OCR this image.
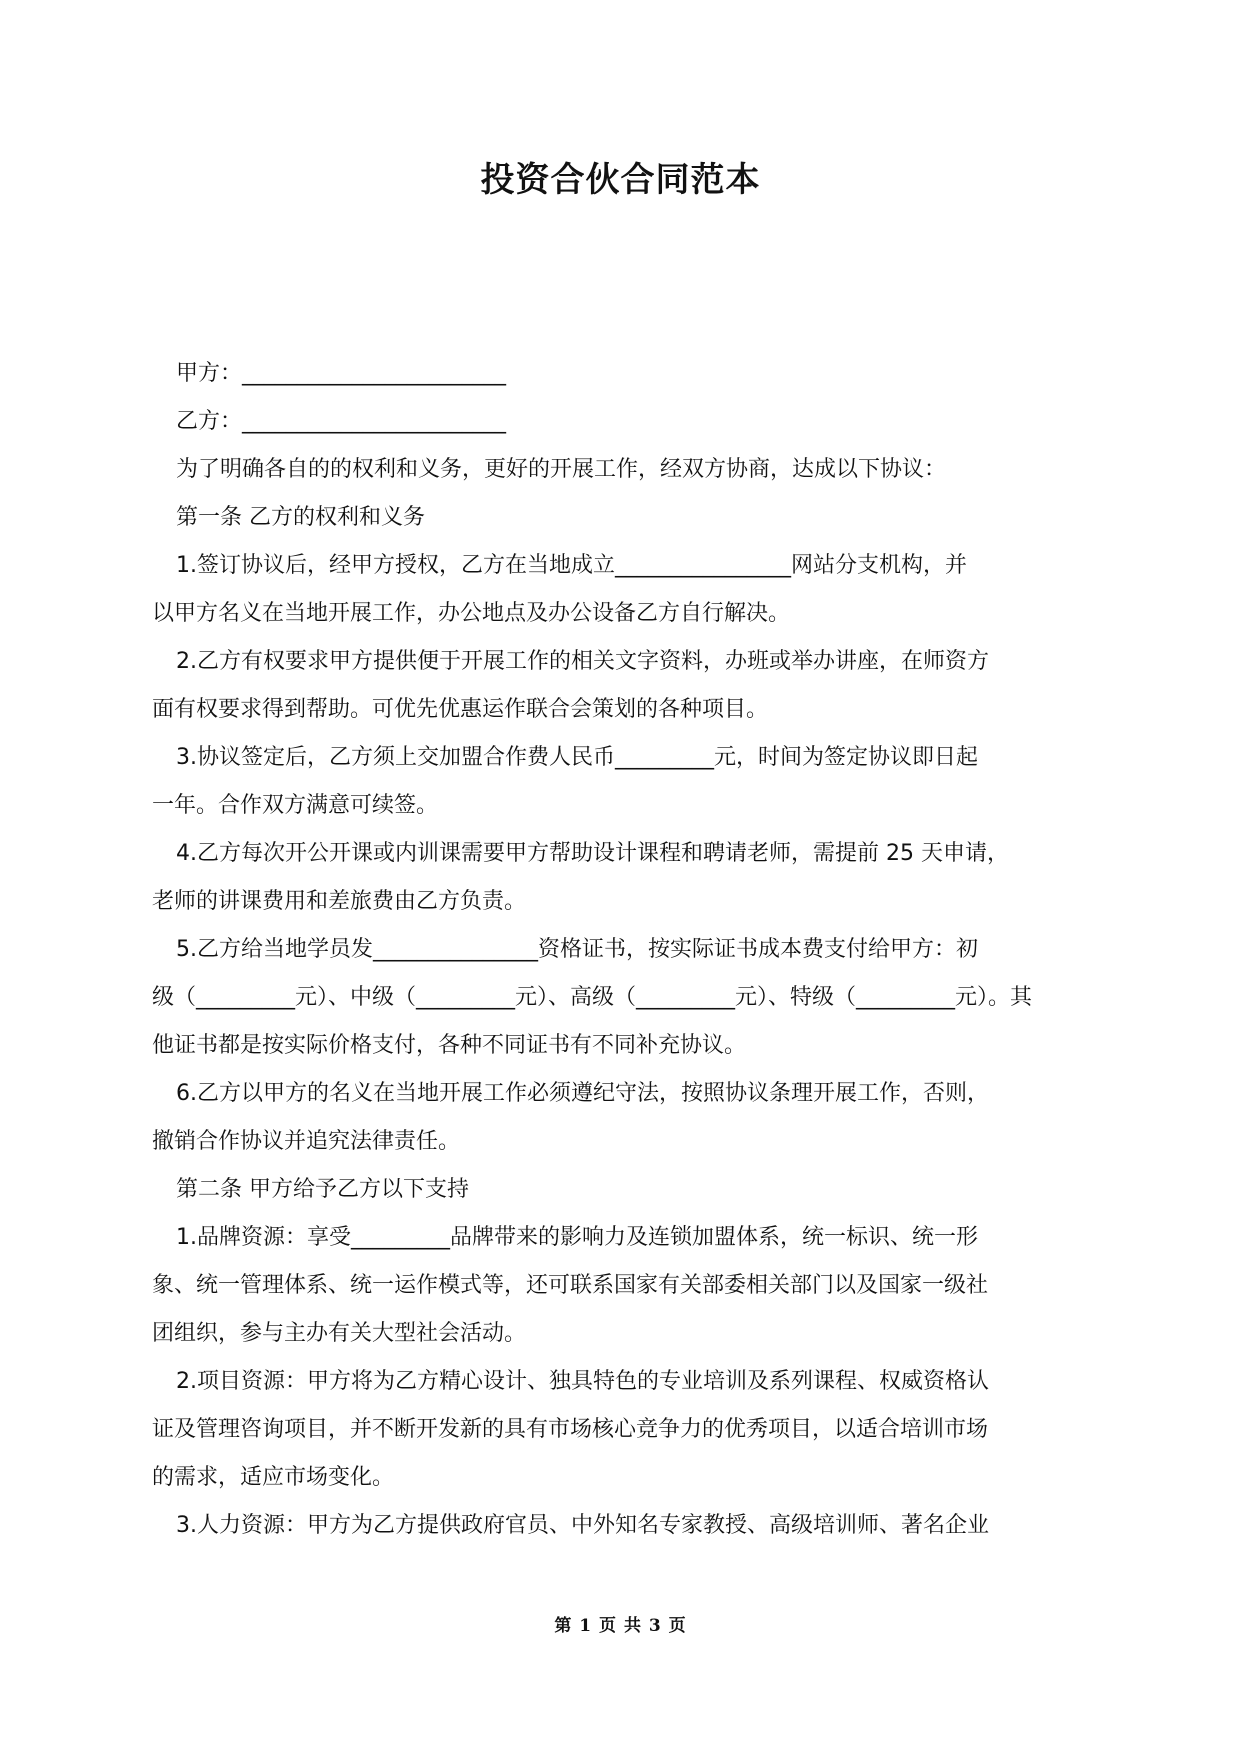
投资合伙合同范本
甲方：________________________
乙方：________________________
为了明确各自的的权利和义务，更好的开展工作，经双方协商，达成以下协议：
第一条 乙方的权利和义务
1.签订协议后，经甲方授权，乙方在当地成立________________网站分支机构，并
以甲方名义在当地开展工作，办公地点及办公设备乙方自行解决。
2.乙方有权要求甲方提供便于开展工作的相关文字资料，办班或举办讲座，在师资方
面有权要求得到帮助。可优先优惠运作联合会策划的各种项目。
3.协议签定后，乙方须上交加盟合作费人民币_________元，时间为签定协议即日起
一年。合作双方满意可续签。
4.乙方每次开公开课或内训课需要甲方帮助设计课程和聘请老师，需提前 25 天申请，
老师的讲课费用和差旅费由乙方负责。
5.乙方给当地学员发_______________资格证书，按实际证书成本费支付给甲方：初
级（_________元）、中级（_________元）、高级（_________元）、特级（_________元）。其
他证书都是按实际价格支付，各种不同证书有不同补充协议。
6.乙方以甲方的名义在当地开展工作必须遵纪守法，按照协议条理开展工作，否则，
撤销合作协议并追究法律责任。
第二条 甲方给予乙方以下支持
1.品牌资源：享受_________品牌带来的影响力及连锁加盟体系，统一标识、统一形
象、统一管理体系、统一运作模式等，还可联系国家有关部委相关部门以及国家一级社
团组织，参与主办有关大型社会活动。
2.项目资源：甲方将为乙方精心设计、独具特色的专业培训及系列课程、权威资格认
证及管理咨询项目，并不断开发新的具有市场核心竞争力的优秀项目，以适合培训市场
的需求，适应市场变化。
3.人力资源：甲方为乙方提供政府官员、中外知名专家教授、高级培训师、著名企业
第 1 页 共 3 页
